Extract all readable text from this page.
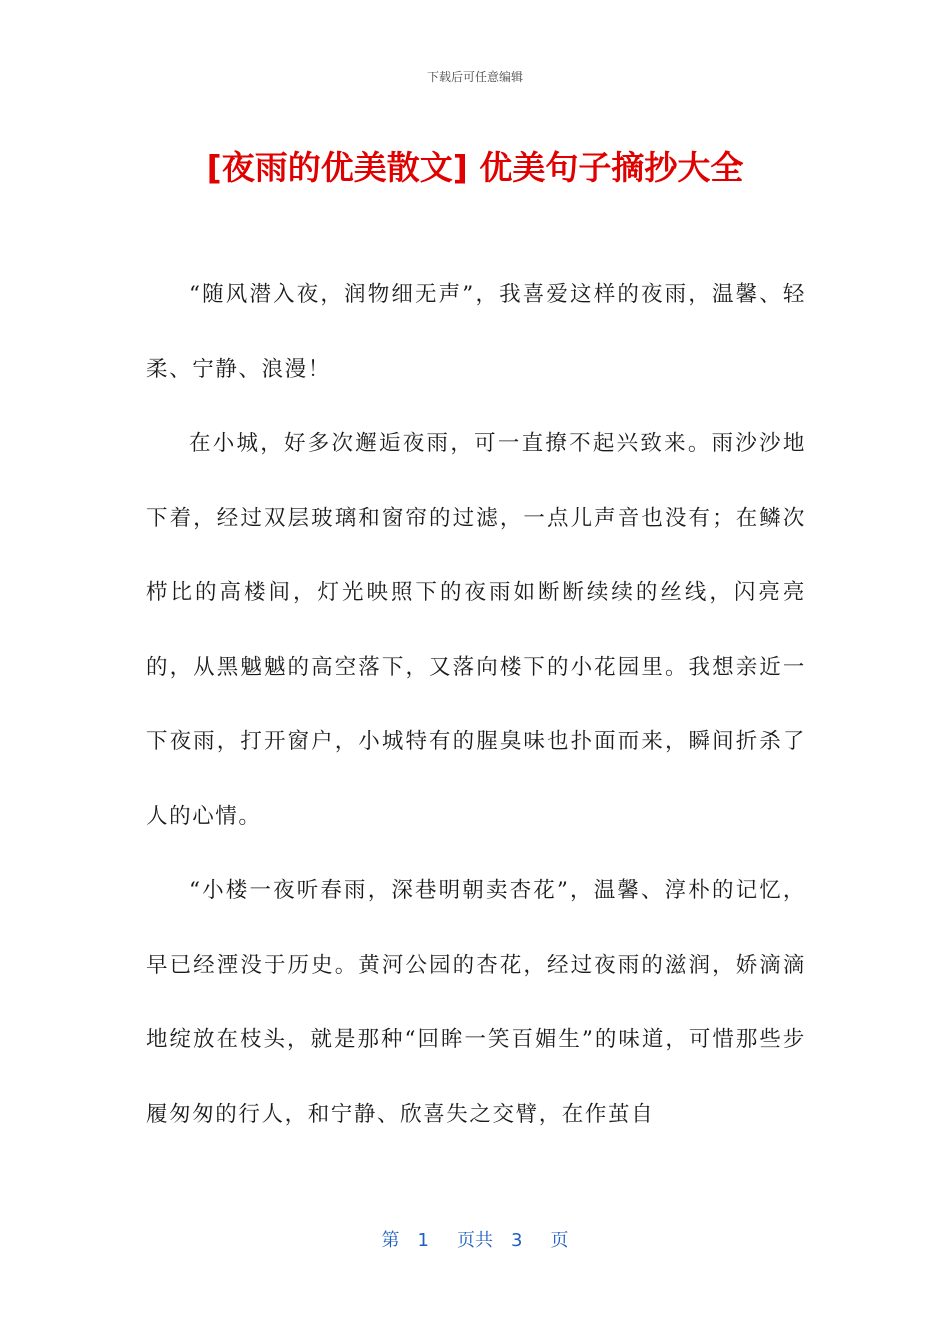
下载后可任意编辑
[夜雨的优美散文] 优美句子摘抄大全

“随风潜入夜，润物细无声”，我喜爱这样的夜雨，温馨、轻柔、宁静、浪漫！

在小城，好多次邂逅夜雨，可一直撩不起兴致来。雨沙沙地下着，经过双层玻璃和窗帘的过滤，一点儿声音也没有；在鳞次栉比的高楼间，灯光映照下的夜雨如断断续续的丝线，闪亮亮的，从黑魆魆的高空落下，又落向楼下的小花园里。我想亲近一下夜雨，打开窗户，小城特有的腥臭味也扑面而来，瞬间折杀了人的心情。

“小楼一夜听春雨，深巷明朝卖杏花”，温馨、淳朴的记忆，早已经湮没于历史。黄河公园的杏花，经过夜雨的滋润，娇滴滴地绽放在枝头，就是那种“回眸一笑百媚生”的味道，可惜那些步履匆匆的行人，和宁静、欣喜失之交臂，在作茧自

第 1 页共 3 页
